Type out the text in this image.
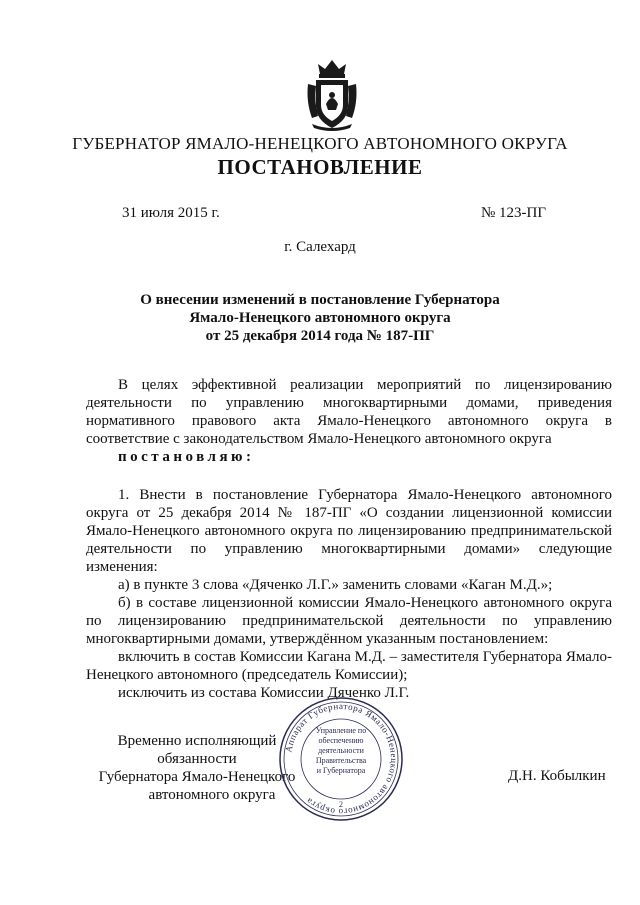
ГУБЕРНАТОР ЯМАЛО-НЕНЕЦКОГО АВТОНОМНОГО ОКРУГА
ПОСТАНОВЛЕНИЕ
31 июля 2015 г.	№ 123-ПГ
г. Салехард
О внесении изменений в постановление Губернатора
Ямало-Ненецкого автономного округа
от 25 декабря 2014 года № 187-ПГ
В целях эффективной реализации мероприятий по лицензированию деятельности по управлению многоквартирными домами, приведения нормативного правового акта Ямало-Ненецкого автономного округа в соответствие с законодательством Ямало-Ненецкого автономного округа
постановляю:
1. Внести в постановление Губернатора Ямало-Ненецкого автономного округа от 25 декабря 2014 № 187-ПГ «О создании лицензионной комиссии Ямало-Ненецкого автономного округа по лицензированию предпринимательской деятельности по управлению многоквартирными домами» следующие изменения:
а) в пункте 3 слова «Дяченко Л.Г.» заменить словами «Каган М.Д.»;
б) в составе лицензионной комиссии Ямало-Ненецкого автономного округа по лицензированию предпринимательской деятельности по управлению многоквартирными домами, утверждённом указанным постановлением:
включить в состав Комиссии Кагана М.Д. – заместителя Губернатора Ямало-Ненецкого автономного (председатель Комиссии);
исключить из состава Комиссии Дяченко Л.Г.
Временно исполняющий обязанности
Губернатора Ямало-Ненецкого
автономного округа
Д.Н. Кобылкин
Аппарат Губернатора Ямало-Ненецкого автономного округа
Управление по
обеспечению
деятельности
Правительства
и Губернатора
2
